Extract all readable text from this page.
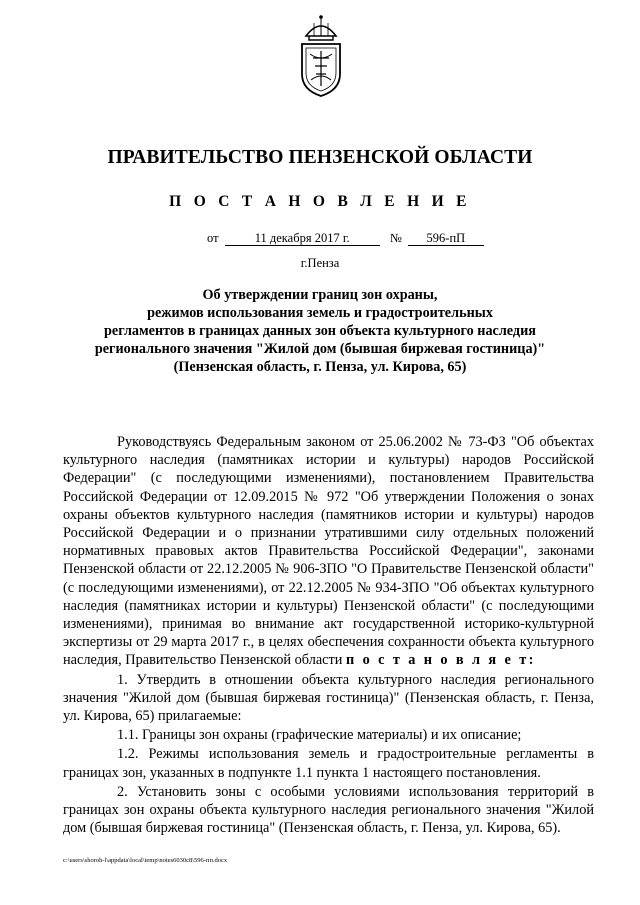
ПРАВИТЕЛЬСТВО ПЕНЗЕНСКОЙ ОБЛАСТИ
П О С Т А Н О В Л Е Н И Е
от	11 декабря 2017 г.	№ 596-пП
г.Пенза
Об утверждении границ зон охраны,
режимов использования земель и градостроительных
регламентов в границах данных зон объекта культурного наследия
регионального значения "Жилой дом (бывшая биржевая гостиница)"
(Пензенская область, г. Пенза, ул. Кирова, 65)

Руководствуясь Федеральным законом от 25.06.2002 № 73-ФЗ "Об объектах культурного наследия (памятниках истории и культуры) народов Российской Федерации" (с последующими изменениями), постановлением Правительства Российской Федерации от 12.09.2015 № 972 "Об утверждении Положения о зонах охраны объектов культурного наследия (памятников истории и культуры) народов Российской Федерации и о признании утратившими силу отдельных положений нормативных правовых актов Правительства Российской Федерации", законами Пензенской области от 22.12.2005 № 906-ЗПО "О Правительстве Пензенской области" (с последующими изменениями), от 22.12.2005 № 934-ЗПО "Об объектах культурного наследия (памятниках истории и культуры) Пензенской области" (с последующими изменениями), принимая во внимание акт государственной историко-культурной экспертизы от 29 марта 2017 г., в целях обеспечения сохранности объекта культурного наследия, Правительство Пензенской области п о с т а н о в л я е т:

1. Утвердить в отношении объекта культурного наследия регионального значения "Жилой дом (бывшая биржевая гостиница)" (Пензенская область, г. Пенза, ул. Кирова, 65) прилагаемые:

1.1. Границы зон охраны (графические материалы) и их описание;

1.2. Режимы использования земель и градостроительные регламенты в границах зон, указанных в подпункте 1.1 пункта 1 настоящего постановления.

2. Установить зоны с особыми условиями использования территорий в границах зон охраны объекта культурного наследия регионального значения "Жилой дом (бывшая биржевая гостиница" (Пензенская область, г. Пенза, ул. Кирова, 65).

c:\users\shoroh-l\appdata\local\temp\notes6030c8\596-пп.docx
